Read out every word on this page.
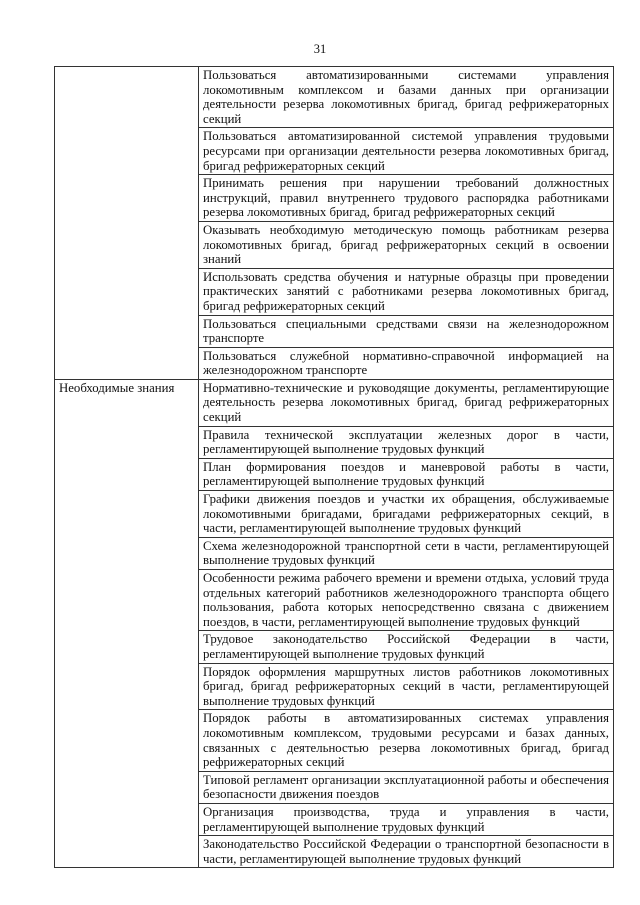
31
	Пользоваться автоматизированными системами управления локомотивным комплексом и базами данных при организации деятельности резерва локомотивных бригад, бригад рефрижераторных секций
	Пользоваться автоматизированной системой управления трудовыми ресурсами при организации деятельности резерва локомотивных бригад, бригад рефрижераторных секций
	Принимать решения при нарушении требований должностных инструкций, правил внутреннего трудового распорядка работниками резерва локомотивных бригад, бригад рефрижераторных секций
	Оказывать необходимую методическую помощь работникам резерва локомотивных бригад, бригад рефрижераторных секций в освоении знаний
	Использовать средства обучения и натурные образцы при проведении практических занятий с работниками резерва локомотивных бригад, бригад рефрижераторных секций
	Пользоваться специальными средствами связи на железнодорожном транспорте
	Пользоваться служебной нормативно-справочной информацией на железнодорожном транспорте
Необходимые знания	Нормативно-технические и руководящие документы, регламентирующие деятельность резерва локомотивных бригад, бригад рефрижераторных секций
	Правила технической эксплуатации железных дорог в части, регламентирующей выполнение трудовых функций
	План формирования поездов и маневровой работы в части, регламентирующей выполнение трудовых функций
	Графики движения поездов и участки их обращения, обслуживаемые локомотивными бригадами, бригадами рефрижераторных секций, в части, регламентирующей выполнение трудовых функций
	Схема железнодорожной транспортной сети в части, регламентирующей выполнение трудовых функций
	Особенности режима рабочего времени и времени отдыха, условий труда отдельных категорий работников железнодорожного транспорта общего пользования, работа которых непосредственно связана с движением поездов, в части, регламентирующей выполнение трудовых функций
	Трудовое законодательство Российской Федерации в части, регламентирующей выполнение трудовых функций
	Порядок оформления маршрутных листов работников локомотивных бригад, бригад рефрижераторных секций в части, регламентирующей выполнение трудовых функций
	Порядок работы в автоматизированных системах управления локомотивным комплексом, трудовыми ресурсами и базах данных, связанных с деятельностью резерва локомотивных бригад, бригад рефрижераторных секций
	Типовой регламент организации эксплуатационной работы и обеспечения безопасности движения поездов
	Организация производства, труда и управления в части, регламентирующей выполнение трудовых функций
	Законодательство Российской Федерации о транспортной безопасности в части, регламентирующей выполнение трудовых функций
